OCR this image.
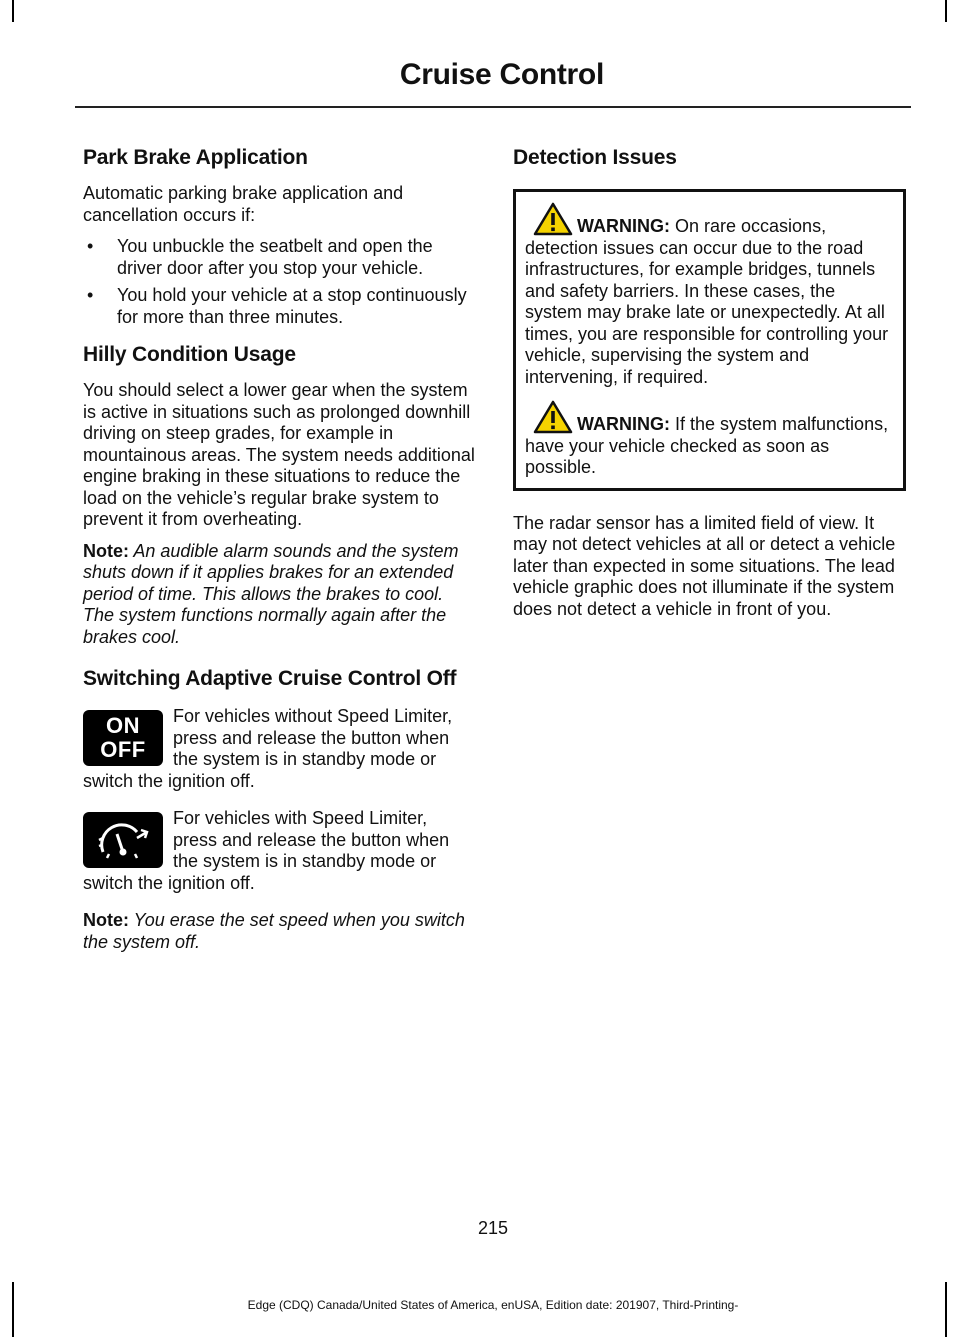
Cruise Control
Park Brake Application

Automatic parking brake application and cancellation occurs if:

• You unbuckle the seatbelt and open the driver door after you stop your vehicle.
• You hold your vehicle at a stop continuously for more than three minutes.
Hilly Condition Usage

You should select a lower gear when the system is active in situations such as prolonged downhill driving on steep grades, for example in mountainous areas. The system needs additional engine braking in these situations to reduce the load on the vehicle’s regular brake system to prevent it from overheating.

Note: An audible alarm sounds and the system shuts down if it applies brakes for an extended period of time. This allows the brakes to cool. The system functions normally again after the brakes cool.

Switching Adaptive Cruise Control Off
ON
OFF
For vehicles without Speed Limiter, press and release the button when the system is in standby mode or switch the ignition off.
For vehicles with Speed Limiter, press and release the button when the system is in standby mode or switch the ignition off.

Note: You erase the set speed when you switch the system off.

Detection Issues

WARNING: On rare occasions, detection issues can occur due to the road infrastructures, for example bridges, tunnels and safety barriers. In these cases, the system may brake late or unexpectedly. At all times, you are responsible for controlling your vehicle, supervising the system and intervening, if required.

WARNING: If the system malfunctions, have your vehicle checked as soon as possible.

The radar sensor has a limited field of view. It may not detect vehicles at all or detect a vehicle later than expected in some situations. The lead vehicle graphic does not illuminate if the system does not detect a vehicle in front of you.

215
Edge (CDQ) Canada/United States of America, enUSA, Edition date: 201907, Third-Printing-
